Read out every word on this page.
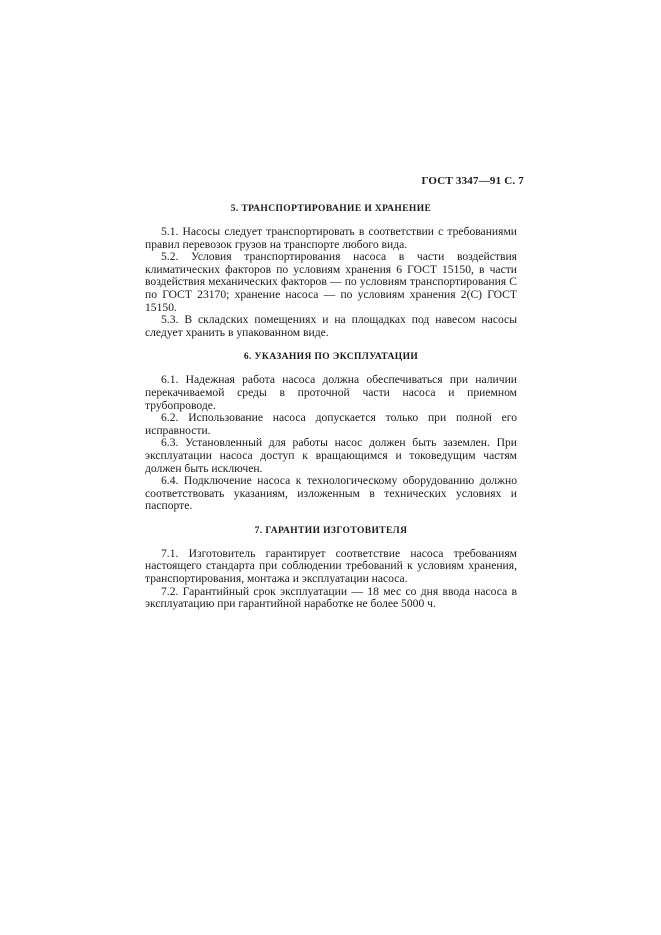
ГОСТ 3347—91 С. 7
5. ТРАНСПОРТИРОВАНИЕ И ХРАНЕНИЕ

5.1. Насосы следует транспортировать в соответствии с требованиями правил перевозок грузов на транспорте любого вида.

5.2. Условия транспортирования насоса в части воздействия климатических факторов по условиям хранения 6 ГОСТ 15150, в части воздействия механических факторов — по условиям транспортирования С по ГОСТ 23170; хранение насоса — по условиям хранения 2(С) ГОСТ 15150.

5.3. В складских помещениях и на площадках под навесом насосы следует хранить в упакованном виде.

6. УКАЗАНИЯ ПО ЭКСПЛУАТАЦИИ

6.1. Надежная работа насоса должна обеспечиваться при наличии перекачиваемой среды в проточной части насоса и приемном трубопроводе.

6.2. Использование насоса допускается только при полной его исправности.

6.3. Установленный для работы насос должен быть заземлен. При эксплуатации насоса доступ к вращающимся и токоведущим частям должен быть исключен.

6.4. Подключение насоса к технологическому оборудованию должно соответствовать указаниям, изложенным в технических условиях и паспорте.

7. ГАРАНТИИ ИЗГОТОВИТЕЛЯ

7.1. Изготовитель гарантирует соответствие насоса требованиям настоящего стандарта при соблюдении требований к условиям хранения, транспортирования, монтажа и эксплуатации насоса.

7.2. Гарантийный срок эксплуатации — 18 мес со дня ввода насоса в эксплуатацию при гарантийной наработке не более 5000 ч.
